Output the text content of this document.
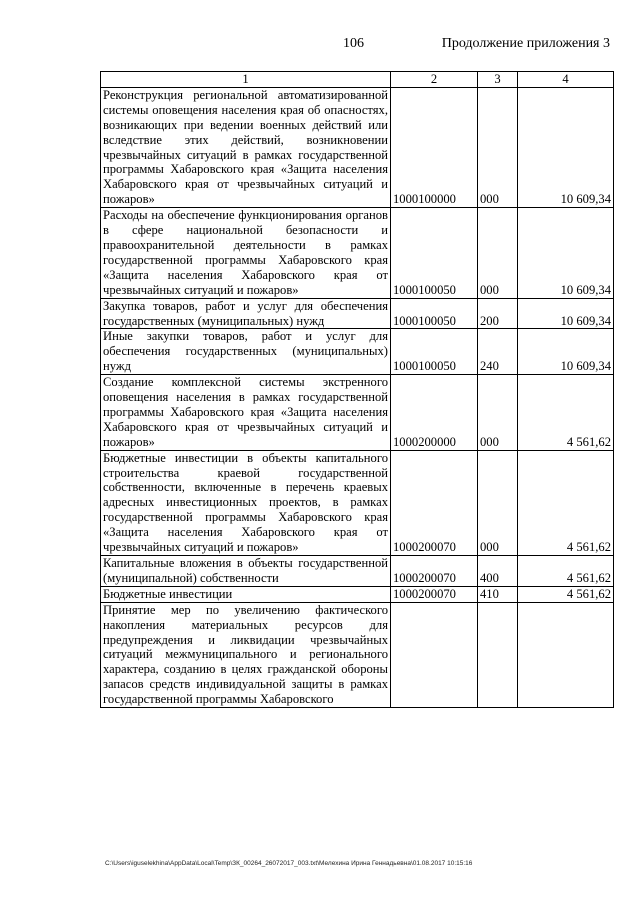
106	Продолжение приложения 3
1	2	3	4
Реконструкция региональной автоматизированной системы оповещения населения края об опасностях, возникающих при ведении военных действий или вследствие этих действий, возникновении чрезвычайных ситуаций в рамках государственной программы Хабаровского края «Защита населения Хабаровского края от чрезвычайных ситуаций и пожаров»	1000100000	000	10 609,34
Расходы на обеспечение функционирования органов в сфере национальной безопасности и правоохранительной деятельности в рамках государственной программы Хабаровского края «Защита населения Хабаровского края от чрезвычайных ситуаций и пожаров»	1000100050	000	10 609,34
Закупка товаров, работ и услуг для обеспечения государственных (муниципальных) нужд	1000100050	200	10 609,34
Иные закупки товаров, работ и услуг для обеспечения государственных (муниципальных) нужд	1000100050	240	10 609,34
Создание комплексной системы экстренного оповещения населения в рамках государственной программы Хабаровского края «Защита населения Хабаровского края от чрезвычайных ситуаций и пожаров»	1000200000	000	4 561,62
Бюджетные инвестиции в объекты капитального строительства краевой государственной собственности, включенные в перечень краевых адресных инвестиционных проектов, в рамках государственной программы Хабаровского края «Защита населения Хабаровского края от чрезвычайных ситуаций и пожаров»	1000200070	000	4 561,62
Капитальные вложения в объекты государственной (муниципальной) собственности	1000200070	400	4 561,62
Бюджетные инвестиции	1000200070	410	4 561,62
Принятие мер по увеличению фактического накопления материальных ресурсов для предупреждения и ликвидации чрезвычайных ситуаций межмуниципального и регионального характера, созданию в целях гражданской обороны запасов средств индивидуальной защиты в рамках государственной программы Хабаровского			
C:\Users\iguselekhina\AppData\Local\Temp\ЗК_00264_26072017_003.txt\Мелехина Ирина Геннадьевна\01.08.2017 10:15:16
